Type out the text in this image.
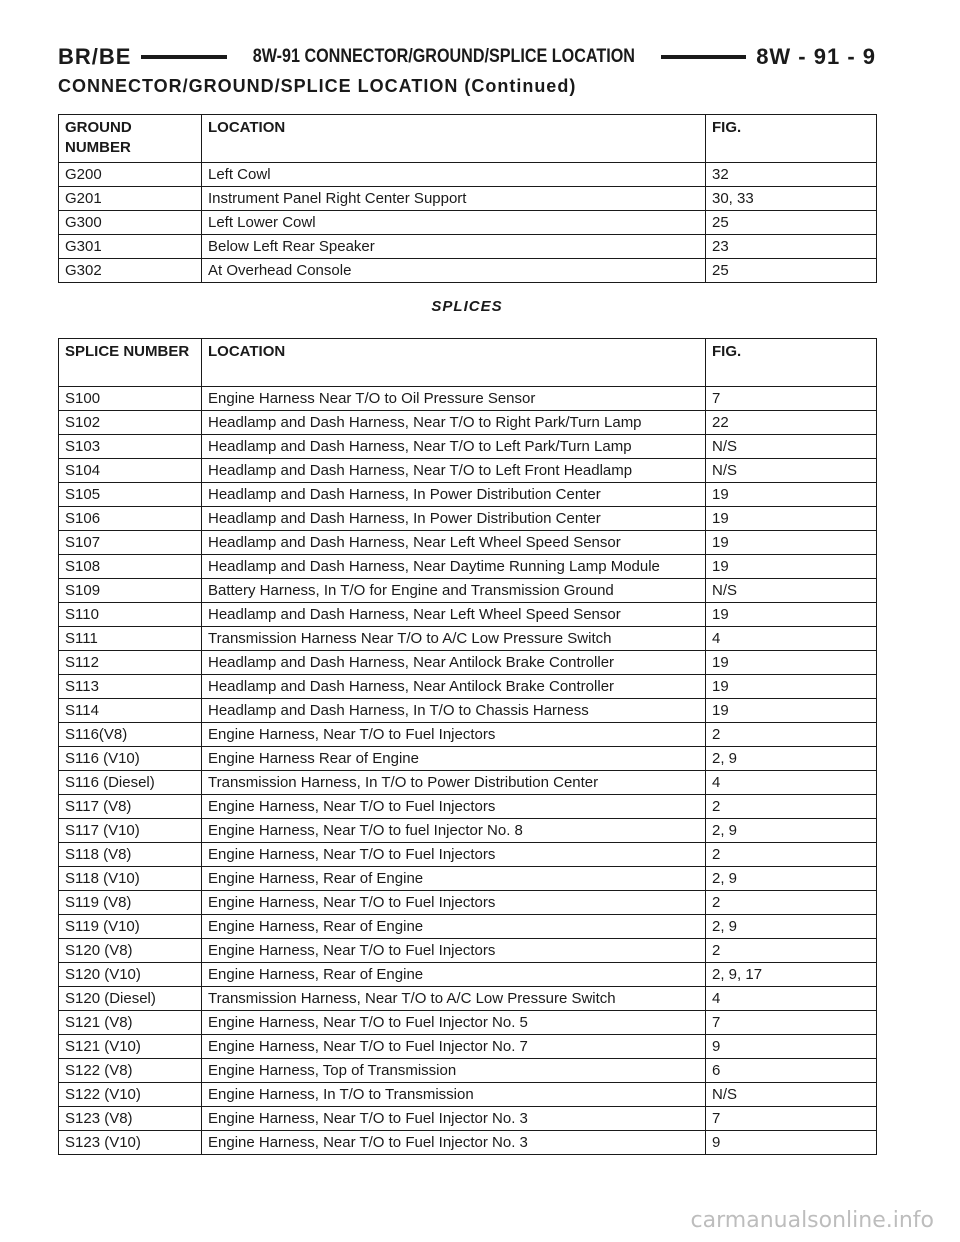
BR/BE	8W-91 CONNECTOR/GROUND/SPLICE LOCATION	8W - 91 - 9
CONNECTOR/GROUND/SPLICE LOCATION (Continued)
GROUND NUMBER	LOCATION	FIG.
G200	Left Cowl	32
G201	Instrument Panel Right Center Support	30, 33
G300	Left Lower Cowl	25
G301	Below Left Rear Speaker	23
G302	At Overhead Console	25
SPLICES
SPLICE NUMBER	LOCATION	FIG.
S100	Engine Harness Near T/O to Oil Pressure Sensor	7
S102	Headlamp and Dash Harness, Near T/O to Right Park/Turn Lamp	22
S103	Headlamp and Dash Harness, Near T/O to Left Park/Turn Lamp	N/S
S104	Headlamp and Dash Harness, Near T/O to Left Front Headlamp	N/S
S105	Headlamp and Dash Harness, In Power Distribution Center	19
S106	Headlamp and Dash Harness, In Power Distribution Center	19
S107	Headlamp and Dash Harness, Near Left Wheel Speed Sensor	19
S108	Headlamp and Dash Harness, Near Daytime Running Lamp Module	19
S109	Battery Harness, In T/O for Engine and Transmission Ground	N/S
S110	Headlamp and Dash Harness, Near Left Wheel Speed Sensor	19
S111	Transmission Harness Near T/O to A/C Low Pressure Switch	4
S112	Headlamp and Dash Harness, Near Antilock Brake Controller	19
S113	Headlamp and Dash Harness, Near Antilock Brake Controller	19
S114	Headlamp and Dash Harness, In T/O to Chassis Harness	19
S116(V8)	Engine Harness, Near T/O to Fuel Injectors	2
S116 (V10)	Engine Harness Rear of Engine	2, 9
S116 (Diesel)	Transmission Harness, In T/O to Power Distribution Center	4
S117 (V8)	Engine Harness, Near T/O to Fuel Injectors	2
S117 (V10)	Engine Harness, Near T/O to fuel Injector No. 8	2, 9
S118 (V8)	Engine Harness, Near T/O to Fuel Injectors	2
S118 (V10)	Engine Harness, Rear of Engine	2, 9
S119 (V8)	Engine Harness, Near T/O to Fuel Injectors	2
S119 (V10)	Engine Harness, Rear of Engine	2, 9
S120 (V8)	Engine Harness, Near T/O to Fuel Injectors	2
S120 (V10)	Engine Harness, Rear of Engine	2, 9, 17
S120 (Diesel)	Transmission Harness, Near T/O to A/C Low Pressure Switch	4
S121 (V8)	Engine Harness, Near T/O to Fuel Injector No. 5	7
S121 (V10)	Engine Harness, Near T/O to Fuel Injector No. 7	9
S122 (V8)	Engine Harness, Top of Transmission	6
S122 (V10)	Engine Harness, In T/O to Transmission	N/S
S123 (V8)	Engine Harness, Near T/O to Fuel Injector No. 3	7
S123 (V10)	Engine Harness, Near T/O to Fuel Injector No. 3	9
carmanualsonline.info
